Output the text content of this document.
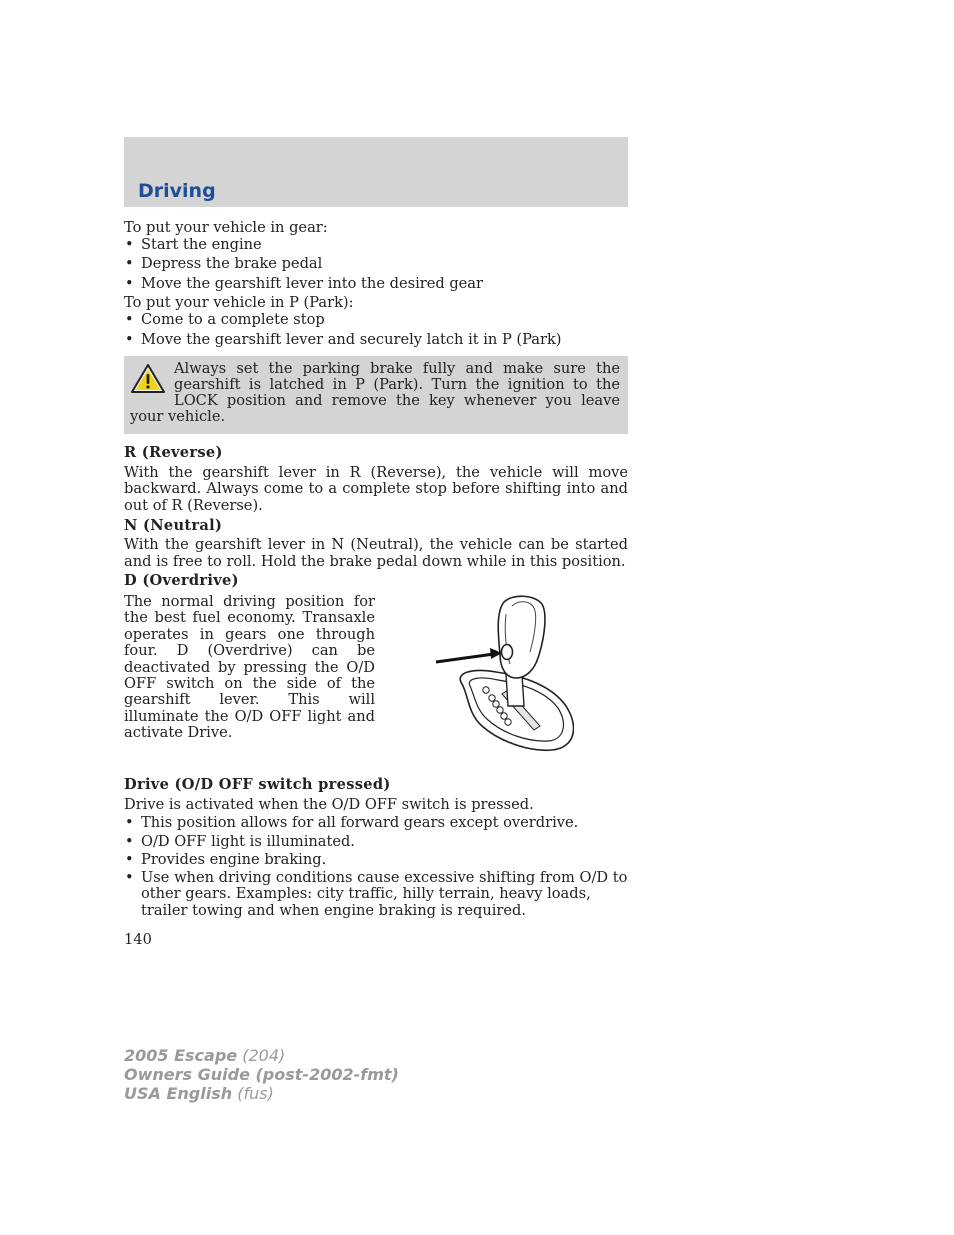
Driving

To put your vehicle in gear:

• Start the engine
• Depress the brake pedal
• Move the gearshift lever into the desired gear

To put your vehicle in P (Park):

• Come to a complete stop
• Move the gearshift lever and securely latch it in P (Park)
Always set the parking brake fully and make sure the gearshift is latched in P (Park). Turn the ignition to the LOCK position and remove the key whenever you leave your vehicle.

R (Reverse)

With the gearshift lever in R (Reverse), the vehicle will move backward. Always come to a complete stop before shifting into and out of R (Reverse).

N (Neutral)

With the gearshift lever in N (Neutral), the vehicle can be started and is free to roll. Hold the brake pedal down while in this position.

D (Overdrive)

The normal driving position for the best fuel economy. Transaxle operates in gears one through four. D (Overdrive) can be deactivated by pressing the O/D OFF switch on the side of the gearshift lever. This will illuminate the O/D OFF light and activate Drive.

Drive (O/D OFF switch pressed)

Drive is activated when the O/D OFF switch is pressed.

• This position allows for all forward gears except overdrive.
• O/D OFF light is illuminated.
• Provides engine braking.
• Use when driving conditions cause excessive shifting from O/D to other gears. Examples: city traffic, hilly terrain, heavy loads, trailer towing and when engine braking is required.

140

2005 Escape (204)
Owners Guide (post-2002-fmt)
USA English (fus)
